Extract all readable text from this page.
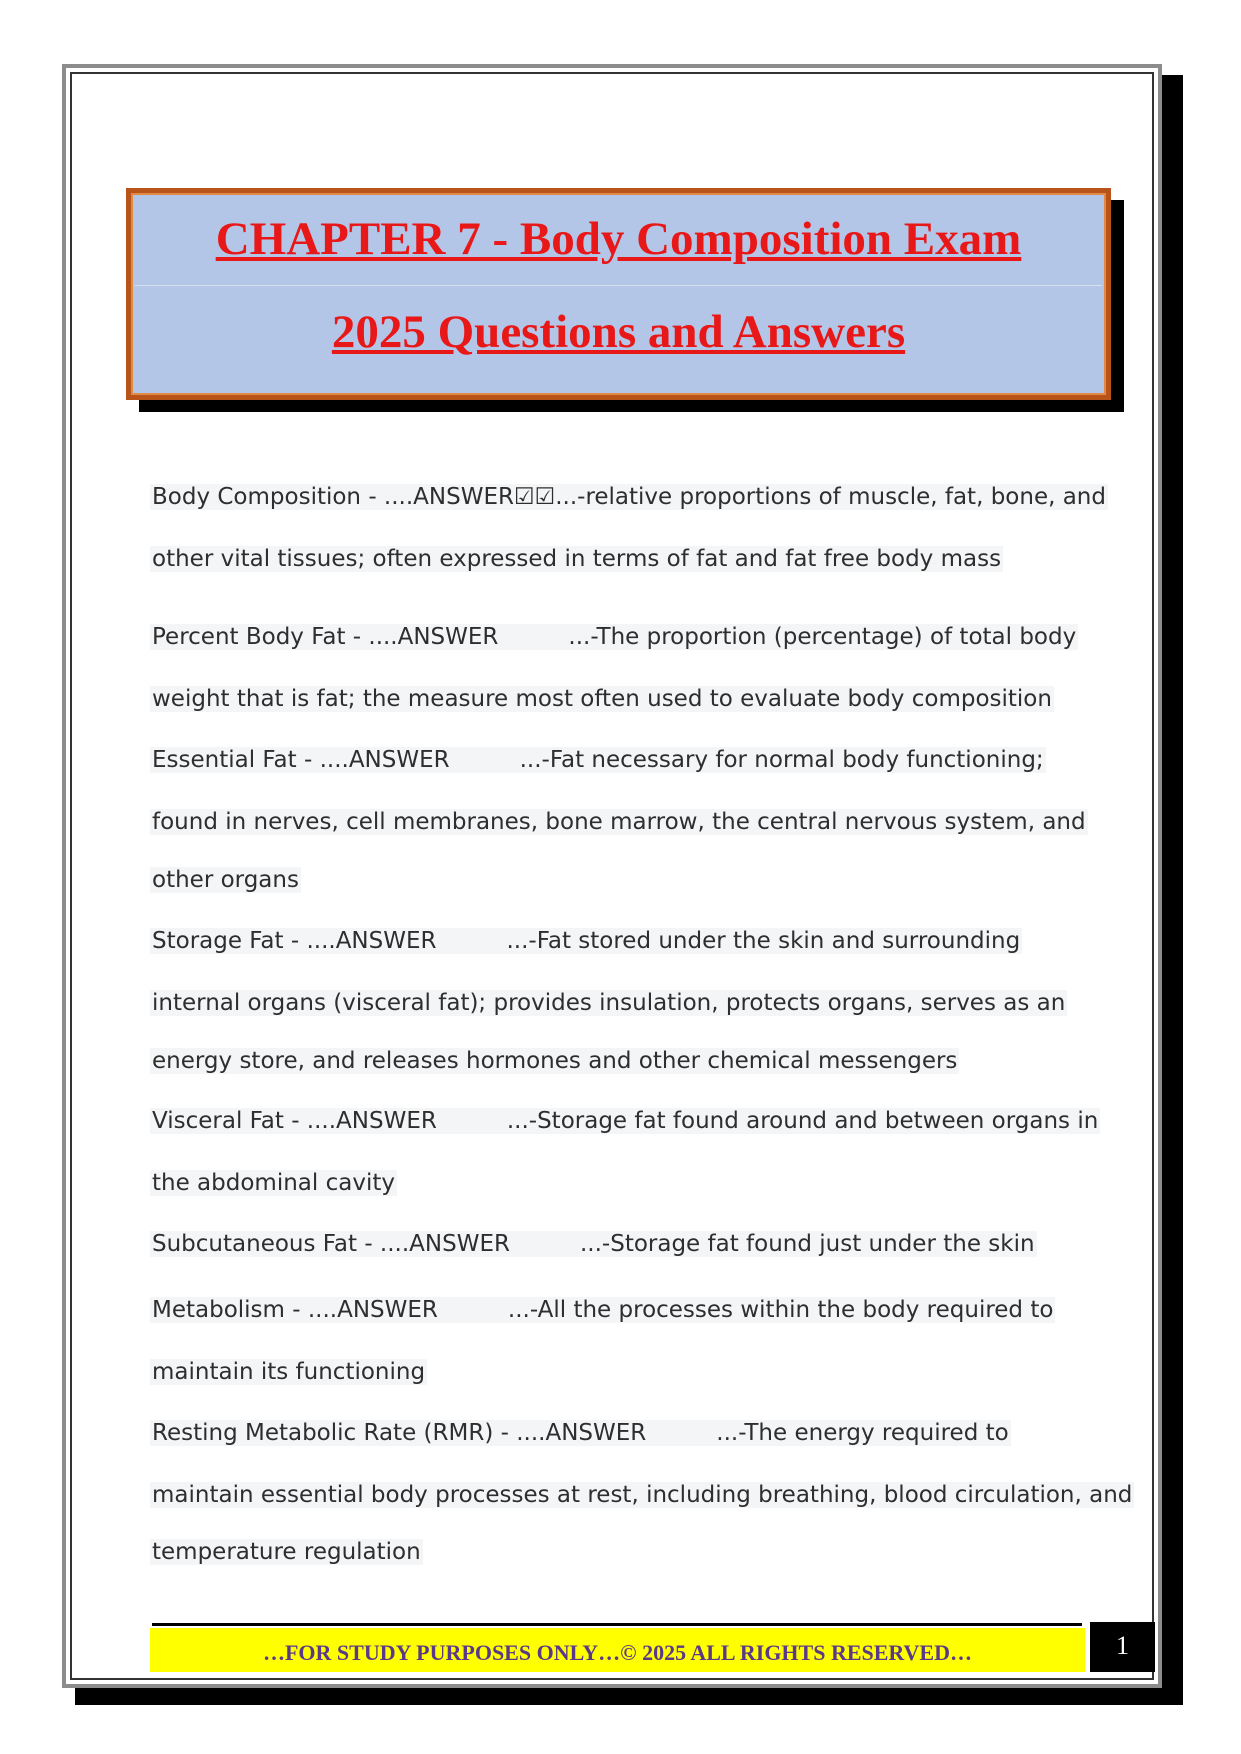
CHAPTER 7 - Body Composition Exam
2025 Questions and Answers
Body Composition - ....ANSWER☑☑...-relative proportions of muscle, fat, bone, and
other vital tissues; often expressed in terms of fat and fat free body mass
Percent Body Fat - ....ANSWER	...-The proportion (percentage) of total body
weight that is fat; the measure most often used to evaluate body composition
Essential Fat - ....ANSWER	...-Fat necessary for normal body functioning;
found in nerves, cell membranes, bone marrow, the central nervous system, and
other organs
Storage Fat - ....ANSWER	...-Fat stored under the skin and surrounding
internal organs (visceral fat); provides insulation, protects organs, serves as an
energy store, and releases hormones and other chemical messengers
Visceral Fat - ....ANSWER	...-Storage fat found around and between organs in
the abdominal cavity
Subcutaneous Fat - ....ANSWER	...-Storage fat found just under the skin
Metabolism - ....ANSWER	...-All the processes within the body required to
maintain its functioning
Resting Metabolic Rate (RMR) - ....ANSWER	...-The energy required to
maintain essential body processes at rest, including breathing, blood circulation, and
temperature regulation
…FOR STUDY PURPOSES ONLY…© 2025 ALL RIGHTS RESERVED…	1
